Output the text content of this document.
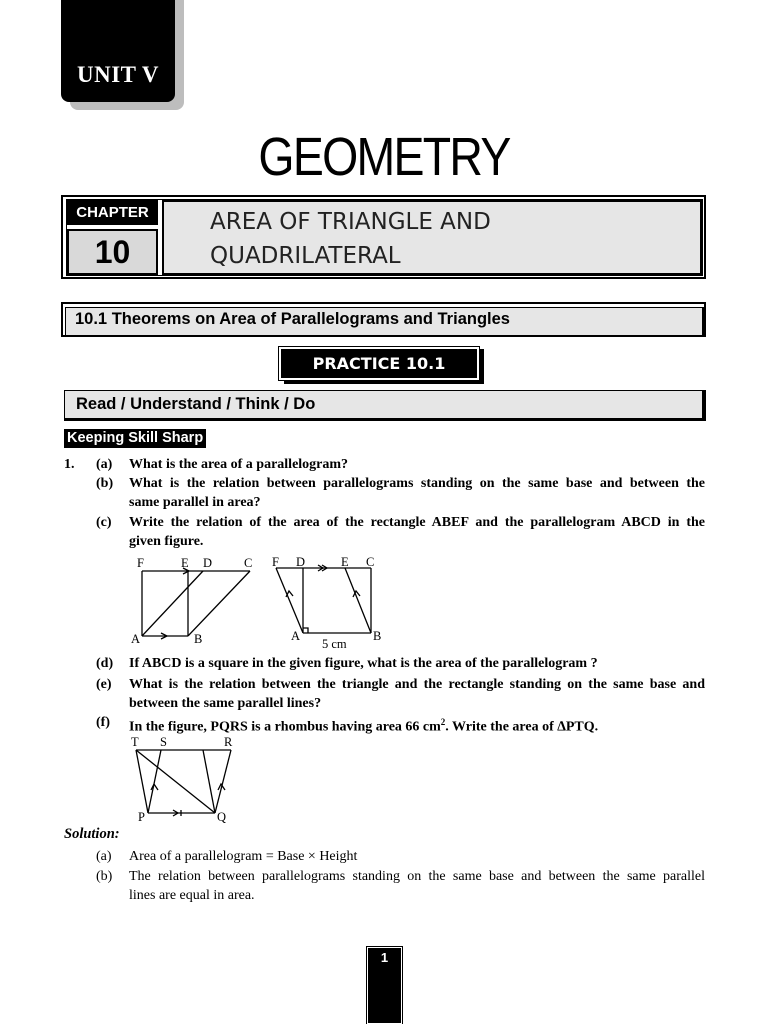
UNIT V
GEOMETRY
CHAPTER
10
AREA OF TRIANGLE AND
QUADRILATERAL
10.1 Theorems on Area of Parallelograms and Triangles
PRACTICE 10.1
Read / Understand / Think / Do
Keeping Skill Sharp
1. (a) What is the area of a parallelogram?
(b) What is the relation between parallelograms standing on the same base and between the
same parallel in area?
(c) Write the relation of the area of the rectangle ABEF and the parallelogram ABCD in the
given figure.
F	E D	C
A	B
F D	E C
A	B
5 cm
(d) If ABCD is a square in the given figure, what is the area of the parallelogram ?
(e) What is the relation between the triangle and the rectangle standing on the same base and
between the same parallel lines?
(f) In the figure, PQRS is a rhombus having area 66 $cm^2$. Write the area of ∆PTQ.
T S	R
P	Q
Solution:
(a) Area of a parallelogram = Base × Height
(b) The relation between parallelograms standing on the same base and between the same parallel
lines are equal in area.
1
